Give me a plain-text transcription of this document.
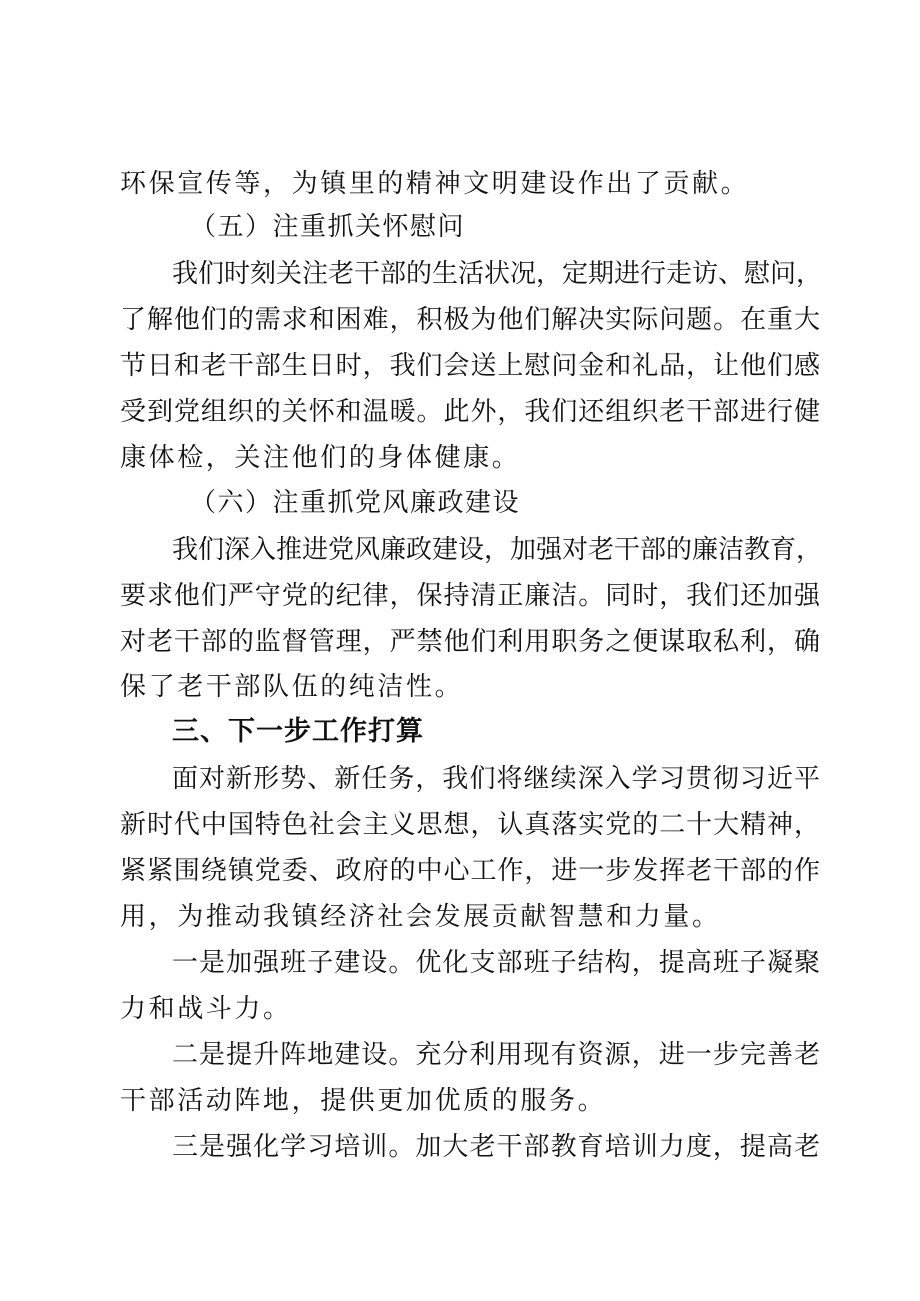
环保宣传等，为镇里的精神文明建设作出了贡献。
（五）注重抓关怀慰问
我们时刻关注老干部的生活状况，定期进行走访、慰问，
了解他们的需求和困难，积极为他们解决实际问题。在重大
节日和老干部生日时，我们会送上慰问金和礼品，让他们感
受到党组织的关怀和温暖。此外，我们还组织老干部进行健
康体检，关注他们的身体健康。
（六）注重抓党风廉政建设
我们深入推进党风廉政建设，加强对老干部的廉洁教育，
要求他们严守党的纪律，保持清正廉洁。同时，我们还加强
对老干部的监督管理，严禁他们利用职务之便谋取私利，确
保了老干部队伍的纯洁性。
三、下一步工作打算
面对新形势、新任务，我们将继续深入学习贯彻习近平
新时代中国特色社会主义思想，认真落实党的二十大精神，
紧紧围绕镇党委、政府的中心工作，进一步发挥老干部的作
用，为推动我镇经济社会发展贡献智慧和力量。
一是加强班子建设。优化支部班子结构，提高班子凝聚
力和战斗力。
二是提升阵地建设。充分利用现有资源，进一步完善老
干部活动阵地，提供更加优质的服务。
三是强化学习培训。加大老干部教育培训力度，提高老
